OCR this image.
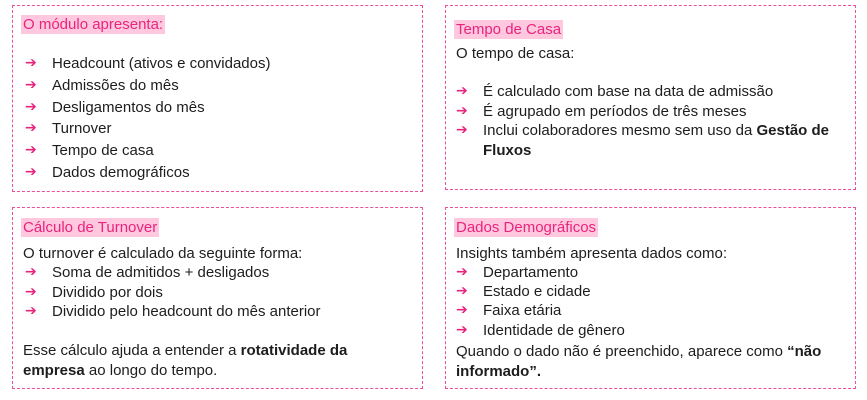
O módulo apresenta:
➔ Headcount (ativos e convidados)
➔ Admissões do mês
➔ Desligamentos do mês
➔ Turnover
➔ Tempo de casa
➔ Dados demográficos
Tempo de Casa
O tempo de casa:
➔ É calculado com base na data de admissão
➔ É agrupado em períodos de três meses
➔ Inclui colaboradores mesmo sem uso da Gestão de Fluxos
Cálculo de Turnover
O turnover é calculado da seguinte forma:
➔ Soma de admitidos + desligados
➔ Dividido por dois
➔ Dividido pelo headcount do mês anterior
Esse cálculo ajuda a entender a rotatividade da empresa ao longo do tempo.
Dados Demográficos
Insights também apresenta dados como:
➔ Departamento
➔ Estado e cidade
➔ Faixa etária
➔ Identidade de gênero
Quando o dado não é preenchido, aparece como “não informado”.
